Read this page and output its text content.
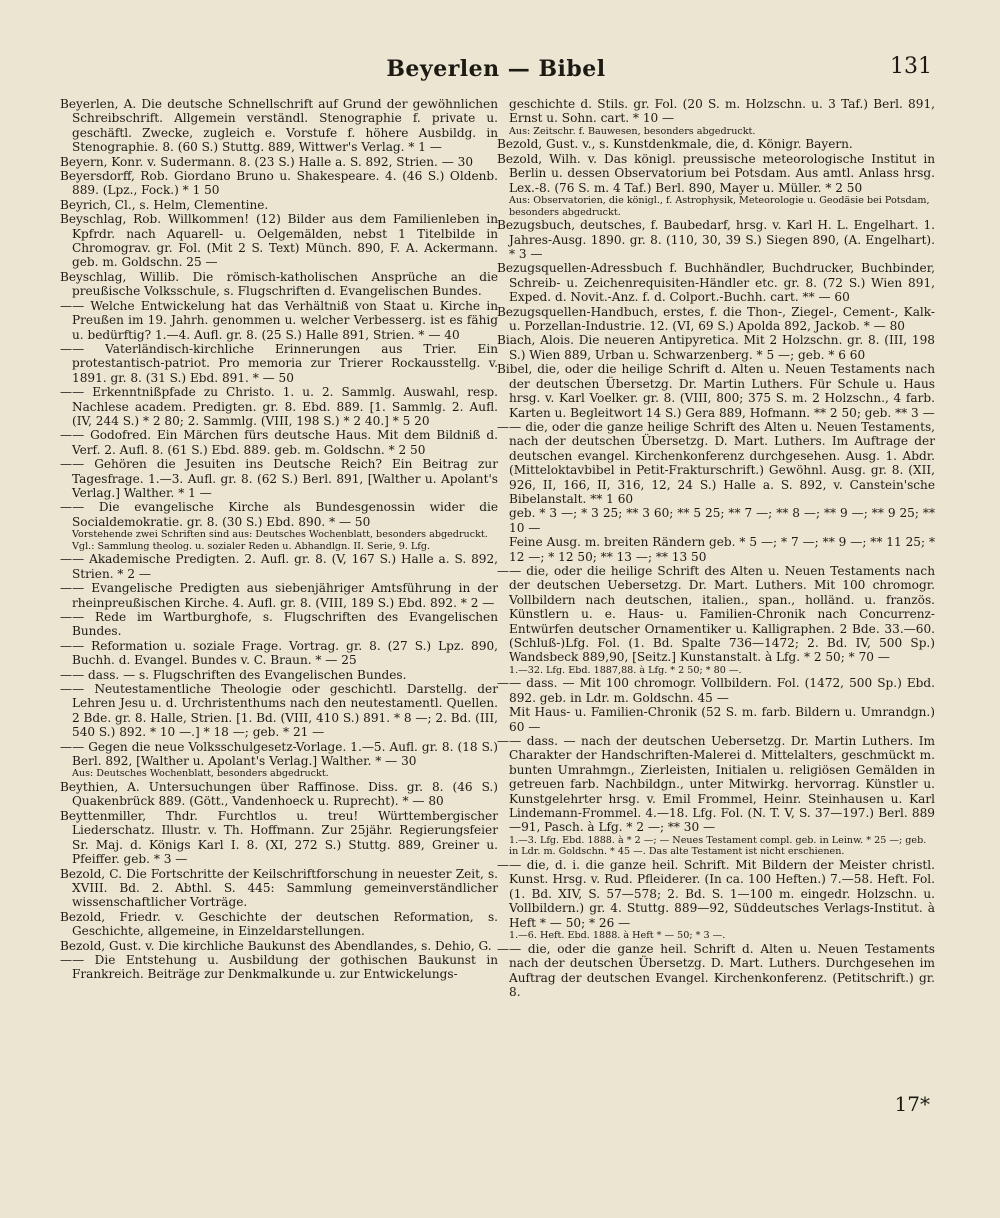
Beyerlen — Bibel	131

Beyerlen, A. Die deutsche Schnellschrift auf Grund der gewöhnlichen Schreibschrift. Allgemein verständl. Stenographie f. private u. geschäftl. Zwecke, zugleich e. Vorstufe f. höhere Ausbildg. in Stenographie. 8. (60 S.) Stuttg. 889, Wittwer's Verlag. * 1 —

Beyern, Konr. v. Sudermann. 8. (23 S.) Halle a. S. 892, Strien. — 30

Beyersdorff, Rob. Giordano Bruno u. Shakespeare. 4. (46 S.) Oldenb. 889. (Lpz., Fock.) * 1 50

Beyrich, Cl., s. Helm, Clementine.

Beyschlag, Rob. Willkommen! (12) Bilder aus dem Familienleben in Kpfrdr. nach Aquarell- u. Oelgemälden, nebst 1 Titelbilde in Chromograv. gr. Fol. (Mit 2 S. Text) Münch. 890, F. A. Ackermann. geb. m. Goldschn. 25 —

Beyschlag, Willib. Die römisch-katholischen Ansprüche an die preußische Volksschule, s. Flugschriften d. Evangelischen Bundes.

—— Welche Entwickelung hat das Verhältniß von Staat u. Kirche in Preußen im 19. Jahrh. genommen u. welcher Verbesserg. ist es fähig u. bedürftig? 1.—4. Aufl. gr. 8. (25 S.) Halle 891, Strien. * — 40

—— Vaterländisch-kirchliche Erinnerungen aus Trier. Ein protestantisch-patriot. Pro memoria zur Trierer Rockausstellg. v. 1891. gr. 8. (31 S.) Ebd. 891. * — 50

—— Erkenntnißpfade zu Christo. 1. u. 2. Sammlg. Auswahl, resp. Nachlese academ. Predigten. gr. 8. Ebd. 889. [1. Sammlg. 2. Aufl. (IV, 244 S.) * 2 80; 2. Sammlg. (VIII, 198 S.) * 2 40.] * 5 20

—— Godofred. Ein Märchen fürs deutsche Haus. Mit dem Bildniß d. Verf. 2. Aufl. 8. (61 S.) Ebd. 889. geb. m. Goldschn. * 2 50

—— Gehören die Jesuiten ins Deutsche Reich? Ein Beitrag zur Tagesfrage. 1.—3. Aufl. gr. 8. (62 S.) Berl. 891, [Walther u. Apolant's Verlag.] Walther. * 1 —

—— Die evangelische Kirche als Bundesgenossin wider die Socialdemokratie. gr. 8. (30 S.) Ebd. 890. * — 50

Vorstehende zwei Schriften sind aus: Deutsches Wochenblatt, besonders abgedruckt. Vgl.: Sammlung theolog. u. sozialer Reden u. Abhandlgn. II. Serie, 9. Lfg.

—— Akademische Predigten. 2. Aufl. gr. 8. (V, 167 S.) Halle a. S. 892, Strien. * 2 —

—— Evangelische Predigten aus siebenjähriger Amtsführung in der rheinpreußischen Kirche. 4. Aufl. gr. 8. (VIII, 189 S.) Ebd. 892. * 2 —

—— Rede im Wartburghofe, s. Flugschriften des Evangelischen Bundes.

—— Reformation u. soziale Frage. Vortrag. gr. 8. (27 S.) Lpz. 890, Buchh. d. Evangel. Bundes v. C. Braun. * — 25

—— dass. — s. Flugschriften des Evangelischen Bundes.

—— Neutestamentliche Theologie oder geschichtl. Darstellg. der Lehren Jesu u. d. Urchristenthums nach den neutestamentl. Quellen. 2 Bde. gr. 8. Halle, Strien. [1. Bd. (VIII, 410 S.) 891. * 8 —; 2. Bd. (III, 540 S.) 892. * 10 —.] * 18 —; geb. * 21 —

—— Gegen die neue Volksschulgesetz-Vorlage. 1.—5. Aufl. gr. 8. (18 S.) Berl. 892, [Walther u. Apolant's Verlag.] Walther. * — 30

Aus: Deutsches Wochenblatt, besonders abgedruckt.

Beythien, A. Untersuchungen über Raffinose. Diss. gr. 8. (46 S.) Quakenbrück 889. (Gött., Vandenhoeck u. Ruprecht). * — 80

Beyttenmiller, Thdr. Furchtlos u. treu! Württembergischer Liederschatz. Illustr. v. Th. Hoffmann. Zur 25jähr. Regierungsfeier Sr. Maj. d. Königs Karl I. 8. (XI, 272 S.) Stuttg. 889, Greiner u. Pfeiffer. geb. * 3 —

Bezold, C. Die Fortschritte der Keilschriftforschung in neuester Zeit, s. XVIII. Bd. 2. Abthl. S. 445: Sammlung gemeinverständlicher wissenschaftlicher Vorträge.

Bezold, Friedr. v. Geschichte der deutschen Reformation, s. Geschichte, allgemeine, in Einzeldarstellungen.

Bezold, Gust. v. Die kirchliche Baukunst des Abendlandes, s. Dehio, G.

—— Die Entstehung u. Ausbildung der gothischen Baukunst in Frankreich. Beiträge zur Denkmalkunde u. zur Entwickelungs-

geschichte d. Stils. gr. Fol. (20 S. m. Holzschn. u. 3 Taf.) Berl. 891, Ernst u. Sohn. cart. * 10 —

Aus: Zeitschr. f. Bauwesen, besonders abgedruckt.

Bezold, Gust. v., s. Kunstdenkmale, die, d. Königr. Bayern.

Bezold, Wilh. v. Das königl. preussische meteorologische Institut in Berlin u. dessen Observatorium bei Potsdam. Aus amtl. Anlass hrsg. Lex.-8. (76 S. m. 4 Taf.) Berl. 890, Mayer u. Müller. * 2 50

Aus: Observatorien, die königl., f. Astrophysik, Meteorologie u. Geodäsie bei Potsdam, besonders abgedruckt.

Bezugsbuch, deutsches, f. Baubedarf, hrsg. v. Karl H. L. Engelhart. 1. Jahres-Ausg. 1890. gr. 8. (110, 30, 39 S.) Siegen 890, (A. Engelhart). * 3 —

Bezugsquellen-Adressbuch f. Buchhändler, Buchdrucker, Buchbinder, Schreib- u. Zeichenrequisiten-Händler etc. gr. 8. (72 S.) Wien 891, Exped. d. Novit.-Anz. f. d. Colport.-Buchh. cart. ** — 60

Bezugsquellen-Handbuch, erstes, f. die Thon-, Ziegel-, Cement-, Kalk- u. Porzellan-Industrie. 12. (VI, 69 S.) Apolda 892, Jackob. * — 80

Biach, Alois. Die neueren Antipyretica. Mit 2 Holzschn. gr. 8. (III, 198 S.) Wien 889, Urban u. Schwarzenberg. * 5 —; geb. * 6 60

Bibel, die, oder die heilige Schrift d. Alten u. Neuen Testaments nach der deutschen Übersetzg. Dr. Martin Luthers. Für Schule u. Haus hrsg. v. Karl Voelker. gr. 8. (VIII, 800; 375 S. m. 2 Holzschn., 4 farb. Karten u. Begleitwort 14 S.) Gera 889, Hofmann. ** 2 50; geb. ** 3 —

—— die, oder die ganze heilige Schrift des Alten u. Neuen Testaments, nach der deutschen Übersetzg. D. Mart. Luthers. Im Auftrage der deutschen evangel. Kirchenkonferenz durchgesehen. Ausg. 1. Abdr. (Mitteloktavbibel in Petit-Frakturschrift.) Gewöhnl. Ausg. gr. 8. (XII, 926, II, 166, II, 316, 12, 24 S.) Halle a. S. 892, v. Canstein'sche Bibelanstalt. ** 1 60

geb. * 3 —; * 3 25; ** 3 60; ** 5 25; ** 7 —; ** 8 —; ** 9 —; ** 9 25; ** 10 —

Feine Ausg. m. breiten Rändern geb. * 5 —; * 7 —; ** 9 —; ** 11 25; * 12 —; * 12 50; ** 13 —; ** 13 50

—— die, oder die heilige Schrift des Alten u. Neuen Testaments nach der deutschen Uebersetzg. Dr. Mart. Luthers. Mit 100 chromogr. Vollbildern nach deutschen, italien., span., holländ. u. französ. Künstlern u. e. Haus- u. Familien-Chronik nach Concurrenz-Entwürfen deutscher Ornamentiker u. Kalligraphen. 2 Bde. 33.—60. (Schluß-)Lfg. Fol. (1. Bd. Spalte 736—1472; 2. Bd. IV, 500 Sp.) Wandsbeck 889,90, [Seitz.] Kunstanstalt. à Lfg. * 2 50; * 70 —

1.—32. Lfg. Ebd. 1887,88. à Lfg. * 2 50; * 80 —.

—— dass. — Mit 100 chromogr. Vollbildern. Fol. (1472, 500 Sp.) Ebd. 892. geb. in Ldr. m. Goldschn. 45 —

Mit Haus- u. Familien-Chronik (52 S. m. farb. Bildern u. Umrandgn.) 60 —

—— dass. — nach der deutschen Uebersetzg. Dr. Martin Luthers. Im Charakter der Handschriften-Malerei d. Mittelalters, geschmückt m. bunten Umrahmgn., Zierleisten, Initialen u. religiösen Gemälden in getreuen farb. Nachbildgn., unter Mitwirkg. hervorrag. Künstler u. Kunstgelehrter hrsg. v. Emil Frommel, Heinr. Steinhausen u. Karl Lindemann-Frommel. 4.—18. Lfg. Fol. (N. T. V, S. 37—197.) Berl. 889—91, Pasch. à Lfg. * 2 —; ** 30 —

1.—3. Lfg. Ebd. 1888. à * 2 —; — Neues Testament compl. geb. in Leinw. * 25 —; geb. in Ldr. m. Goldschn. * 45 —. Das alte Testament ist nicht erschienen.

—— die, d. i. die ganze heil. Schrift. Mit Bildern der Meister christl. Kunst. Hrsg. v. Rud. Pfleiderer. (In ca. 100 Heften.) 7.—58. Heft. Fol. (1. Bd. XIV, S. 57—578; 2. Bd. S. 1—100 m. eingedr. Holzschn. u. Vollbildern.) gr. 4. Stuttg. 889—92, Süddeutsches Verlags-Institut. à Heft * — 50; * 26 —

1.—6. Heft. Ebd. 1888. à Heft * — 50; * 3 —.

—— die, oder die ganze heil. Schrift d. Alten u. Neuen Testaments nach der deutschen Übersetzg. D. Mart. Luthers. Durchgesehen im Auftrag der deutschen Evangel. Kirchenkonferenz. (Petitschrift.) gr. 8.

17*
